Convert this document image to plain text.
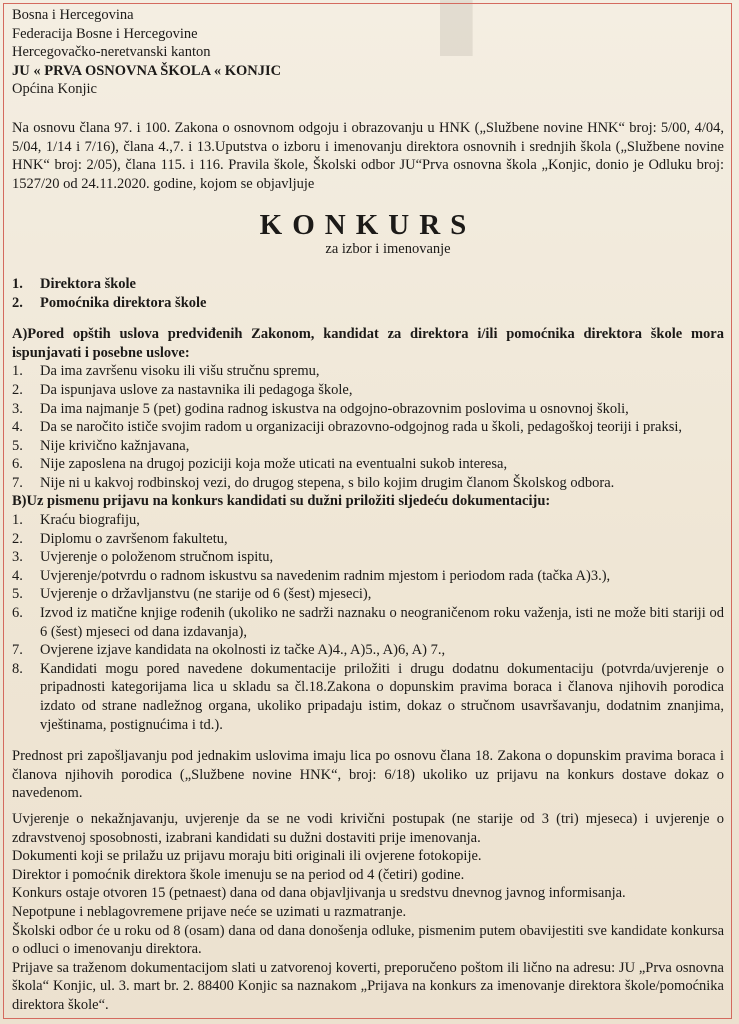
█
Bosna i Hercegovina
Federacija Bosne i Hercegovine
Hercegovačko-neretvanski kanton
JU « PRVA OSNOVNA ŠKOLA « KONJIC
Općina Konjic

Na osnovu člana 97. i 100. Zakona o osnovnom odgoju i obrazovanju u HNK („Službene novine HNK“ broj: 5/00, 4/04, 5/04, 1/14 i 7/16), člana 4.,7. i 13.Uputstva o izboru i imenovanju direktora osnovnih i srednjih škola („Službene novine HNK“ broj: 2/05), člana 115. i 116. Pravila škole, Školski odbor JU“Prva osnovna škola „Konjic, donio je Odluku broj: 1527/20 od 24.11.2020. godine, kojom se objavljuje

KONKURS
za izbor i imenovanje
1.	Direktora škole
2.	Pomoćnika direktora škole

A)Pored opštih uslova predviđenih Zakonom, kandidat za direktora i/ili pomoćnika direktora škole mora ispunjavati i posebne uslove:

1.	Da ima završenu visoku ili višu stručnu spremu,
2.	Da ispunjava uslove za nastavnika ili pedagoga škole,
3.	Da ima najmanje 5 (pet) godina radnog iskustva na odgojno-obrazovnim poslovima u osnovnoj školi,
4.	Da se naročito ističe svojim radom u organizaciji obrazovno-odgojnog rada u školi, pedagoškoj teoriji i praksi,
5.	Nije krivično kažnjavana,
6.	Nije zaposlena na drugoj poziciji koja može uticati na eventualni sukob interesa,
7.	Nije ni u kakvoj rodbinskoj vezi, do drugog stepena, s bilo kojim drugim članom Školskog odbora.

B)Uz pismenu prijavu na konkurs kandidati su dužni priložiti sljedeću dokumentaciju:

1.	Kraću biografiju,
2.	Diplomu o završenom fakultetu,
3.	Uvjerenje o položenom stručnom ispitu,
4.	Uvjerenje/potvrdu o radnom iskustvu sa navedenim radnim mjestom i periodom rada (tačka A)3.),
5.	Uvjerenje o državljanstvu (ne starije od 6 (šest) mjeseci),
6.	Izvod iz matične knjige rođenih (ukoliko ne sadrži naznaku o neograničenom roku važenja, isti ne može biti stariji od 6 (šest) mjeseci od dana izdavanja),
7.	Ovjerene izjave kandidata na okolnosti iz tačke A)4., A)5., A)6, A) 7.,
8.	Kandidati mogu pored navedene dokumentacije priložiti i drugu dodatnu dokumentaciju (potvrda/uvjerenje o pripadnosti kategorijama lica u skladu sa čl.18.Zakona o dopunskim pravima boraca i članova njihovih porodica izdato od strane nadležnog organa, ukoliko pripadaju istim, dokaz o stručnom usavršavanju, dodatnim znanjima, vještinama, postignućima i td.).

Prednost pri zapošljavanju pod jednakim uslovima imaju lica po osnovu člana 18. Zakona o dopunskim pravima boraca i članova njihovih porodica („Službene novine HNK“, broj: 6/18) ukoliko uz prijavu na konkurs dostave dokaz o navedenom.

Uvjerenje o nekažnjavanju, uvjerenje da se ne vodi krivični postupak (ne starije od 3 (tri) mjeseca) i uvjerenje o zdravstvenoj sposobnosti, izabrani kandidati su dužni dostaviti prije imenovanja.

Dokumenti koji se prilažu uz prijavu moraju biti originali ili ovjerene fotokopije.

Direktor i pomoćnik direktora škole imenuju se na period od 4 (četiri) godine.

Konkurs ostaje otvoren 15 (petnaest) dana od dana objavljivanja u sredstvu dnevnog javnog informisanja.

Nepotpune i neblagovremene prijave neće se uzimati u razmatranje.

Školski odbor će u roku od 8 (osam) dana od dana donošenja odluke, pismenim putem obavijestiti sve kandidate konkursa o odluci o imenovanju direktora.

Prijave sa traženom dokumentacijom slati u zatvorenoj koverti, preporučeno poštom ili lično na adresu: JU „Prva osnovna škola“ Konjic, ul. 3. mart br. 2. 88400 Konjic sa naznakom „Prijava na konkurs za imenovanje direktora škole/pomoćnika direktora škole“.
